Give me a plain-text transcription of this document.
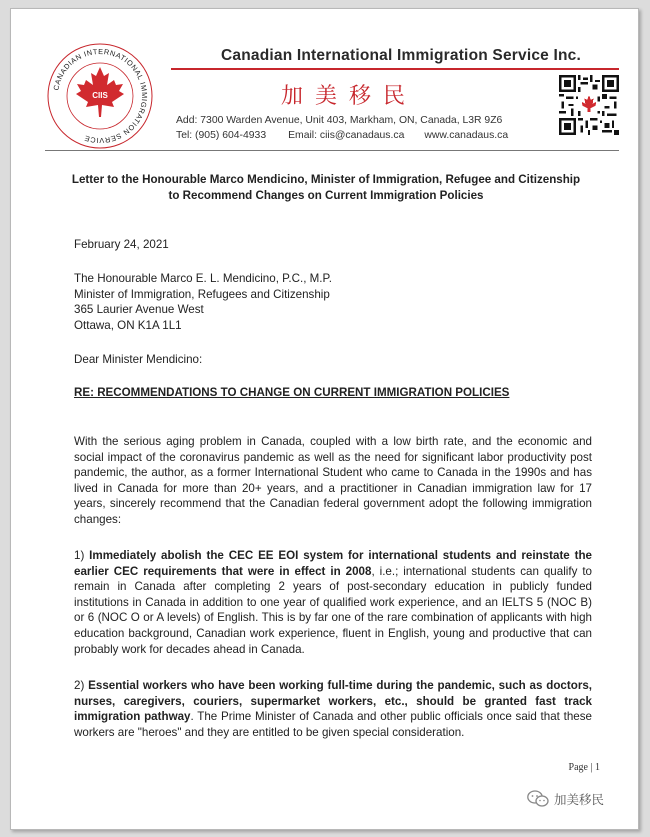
CANADIAN INTERNATIONAL IMMIGRATION SERVICE
CIIS
Canadian International Immigration Service Inc.
加美移民
Add: 7300 Warden Avenue, Unit 403, Markham, ON, Canada, L3R 9Z6
Tel: (905) 604-4933 Email: ciis@canadaus.ca www.canadaus.ca
Letter to the Honourable Marco Mendicino, Minister of Immigration, Refugee and Citizenship to Recommend Changes on Current Immigration Policies
February 24, 2021
The Honourable Marco E. L. Mendicino, P.C., M.P.
Minister of Immigration, Refugees and Citizenship
365 Laurier Avenue West
Ottawa, ON K1A 1L1
Dear Minister Mendicino:
RE: RECOMMENDATIONS TO CHANGE ON CURRENT IMMIGRATION POLICIES
With the serious aging problem in Canada, coupled with a low birth rate, and the economic and social impact of the coronavirus pandemic as well as the need for significant labor productivity post pandemic, the author, as a former International Student who came to Canada in the 1990s and has lived in Canada for more than 20+ years, and a practitioner in Canadian immigration law for 17 years, sincerely recommend that the Canadian federal government adopt the following immigration changes:
1) Immediately abolish the CEC EE EOI system for international students and reinstate the earlier CEC requirements that were in effect in 2008, i.e.; international students can qualify to remain in Canada after completing 2 years of post-secondary education in publicly funded institutions in Canada in addition to one year of qualified work experience, and an IELTS 5 (NOC B) or 6 (NOC O or A levels) of English. This is by far one of the rare combination of applicants with high education background, Canadian work experience, fluent in English, young and productive that can probably work for decades ahead in Canada.
2) Essential workers who have been working full-time during the pandemic, such as doctors, nurses, caregivers, couriers, supermarket workers, etc., should be granted fast track immigration pathway. The Prime Minister of Canada and other public officials once said that these workers are "heroes" and they are entitled to be given special consideration.
Page | 1
加美移民
